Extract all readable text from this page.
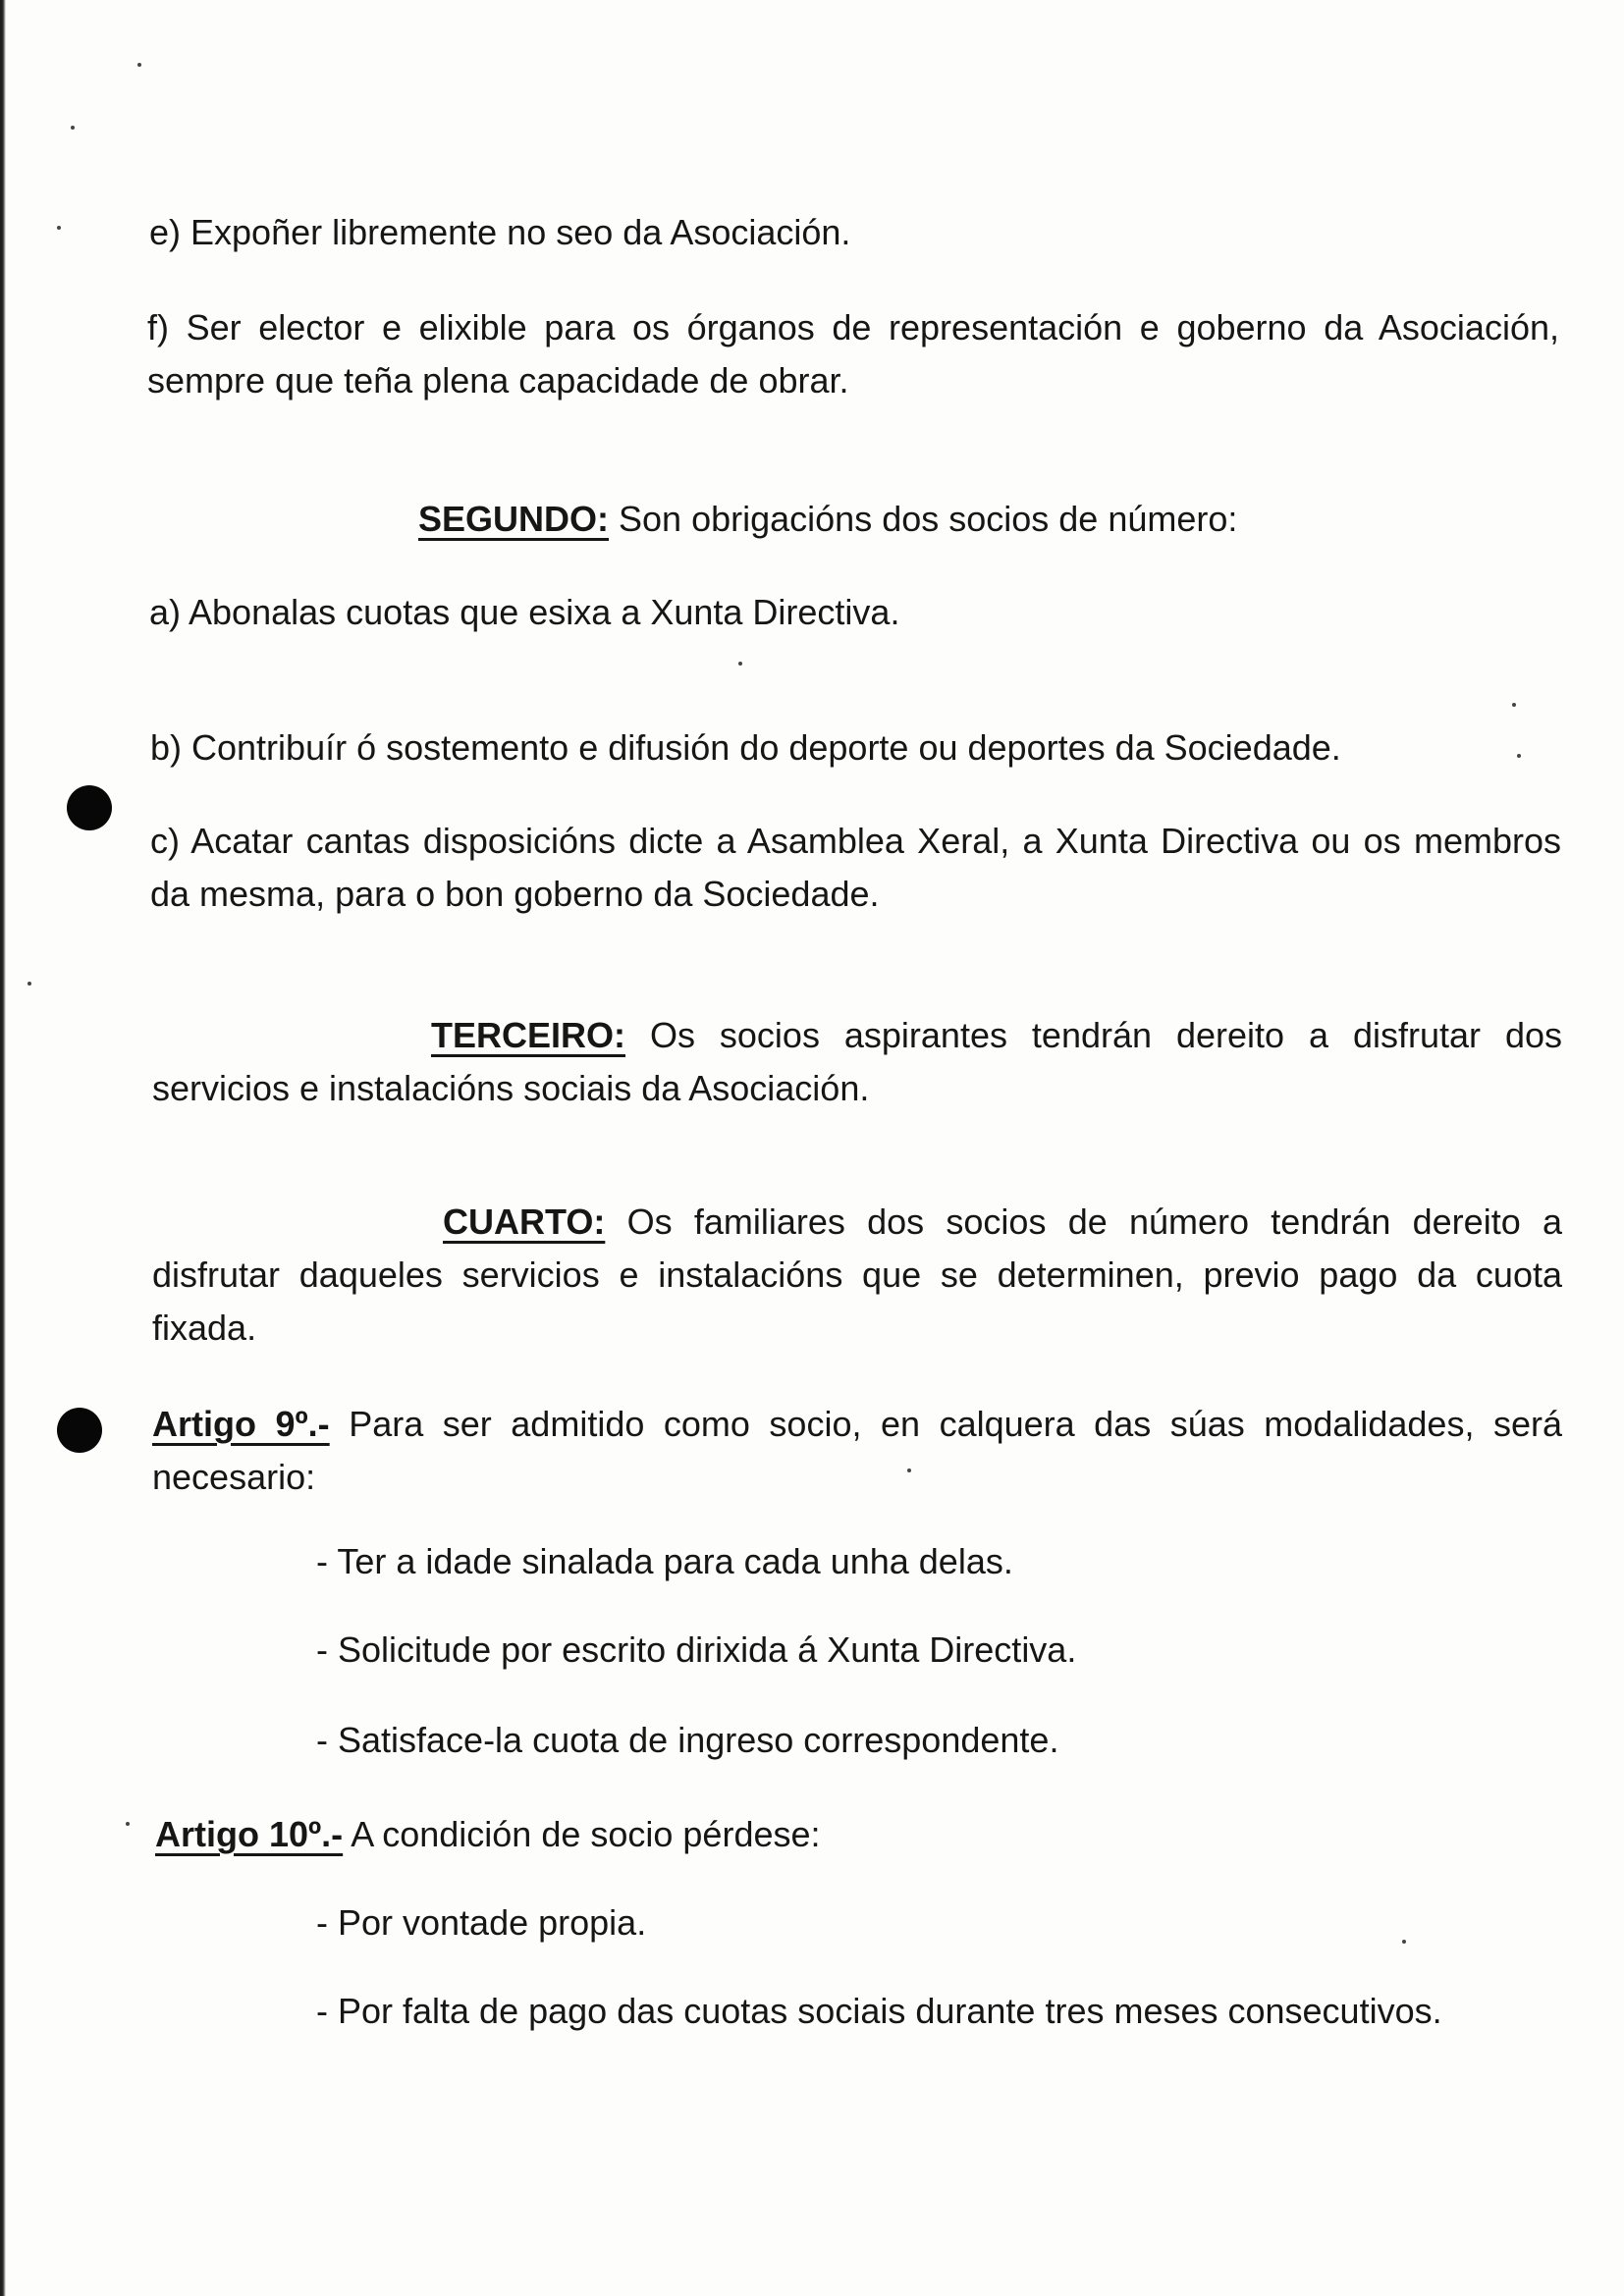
e) Expoñer libremente no seo da Asociación.

f) Ser elector e elixible para os órganos de representación e goberno da Asociación, sempre que teña plena capacidade de obrar.

SEGUNDO: Son obrigacións dos socios de número:

a) Abonalas cuotas que esixa a Xunta Directiva.

b) Contribuír ó sostemento e difusión do deporte ou deportes da Sociedade.

c) Acatar cantas disposicións dicte a Asamblea Xeral, a Xunta Directiva ou os membros da mesma, para o bon goberno da Sociedade.

TERCEIRO: Os socios aspirantes tendrán dereito a disfrutar dos servicios e instalacións sociais da Asociación.

CUARTO: Os familiares dos socios de número tendrán dereito a disfrutar daqueles servicios e instalacións que se determinen, previo pago da cuota fixada.

Artigo 9º.- Para ser admitido como socio, en calquera das súas modalidades, será necesario:

- Ter a idade sinalada para cada unha delas.

- Solicitude por escrito dirixida á Xunta Directiva.

- Satisface-la cuota de ingreso correspondente.

Artigo 10º.- A condición de socio pérdese:

- Por vontade propia.

- Por falta de pago das cuotas sociais durante tres meses consecutivos.
